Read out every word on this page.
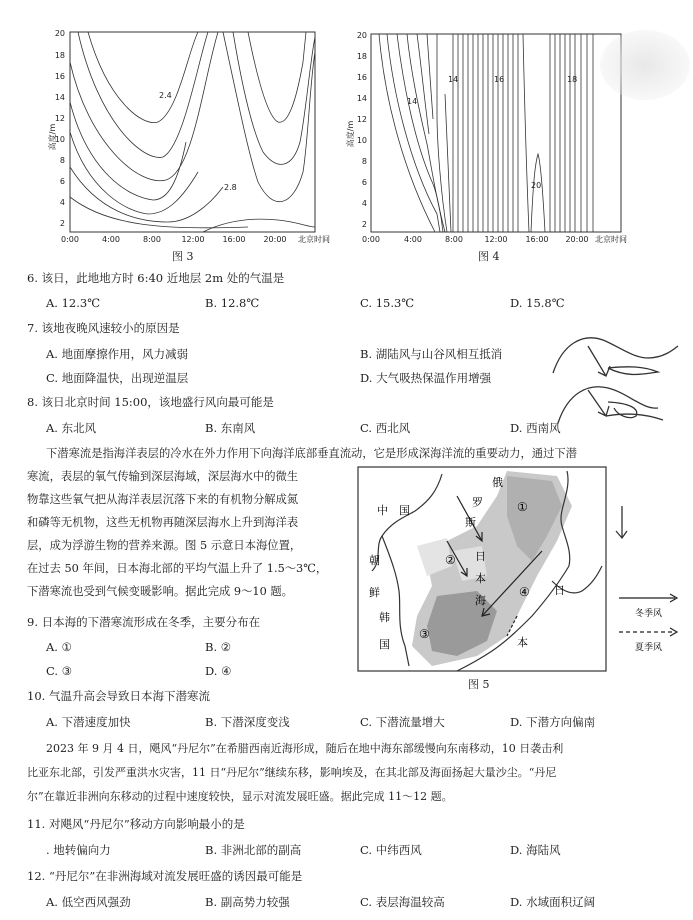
20
18
16
14
12
10
8
6
4
2
高度/m
2.4
2.8
0:00	4:00	8:00	12:00 16:00 20:00 北京时间
图 3
20
18
16
14
12
10
8
6
4
2
高度/m
14
14	16	18
20
0:00	4:00	8:00	12:00 16:00 20:00 北京时间
图 4
6. 该日，此地地方时 6:40 近地层 2m 处的气温是
A. 12.3℃	B. 12.8℃	C. 15.3℃	D. 15.8℃
7. 该地夜晚风速较小的原因是
A. 地面摩擦作用，风力减弱	B. 湖陆风与山谷风相互抵消
C. 地面降温快，出现逆温层	D. 大气吸热保温作用增强
8. 该日北京时间 15:00，该地盛行风向最可能是
A. 东北风	B. 东南风	C. 西北风	D. 西南风
下潜寒流是指海洋表层的冷水在外力作用下向海洋底部垂直流动，它是形成深海洋流的重要动力，通过下潜
寒流，表层的氧气传输到深层海域，深层海水中的微生
物靠这些氧气把从海洋表层沉落下来的有机物分解成氮
和磷等无机物，这些无机物再随深层海水上升到海洋表
层，成为浮游生物的营养来源。图 5 示意日本海位置，
在过去 50 年间，日本海北部的平均气温上升了 1.5～3℃，
下潜寒流也受到气候变暖影响。据此完成 9～10 题。
俄
罗
斯
中 国
朝
鲜
韩
国
日
本
海
日
本
①
②
③
④
图 5
冬季风
夏季风
9. 日本海的下潜寒流形成在冬季，主要分布在
A. ①	B. ②
C. ③	D. ④
10. 气温升高会导致日本海下潜寒流
A. 下潜速度加快	B. 下潜深度变浅	C. 下潜流量增大	D. 下潜方向偏南
2023 年 9 月 4 日，飓风“丹尼尔”在希腊西南近海形成，随后在地中海东部缓慢向东南移动，10 日袭击利
比亚东北部，引发严重洪水灾害，11 日“丹尼尔”继续东移，影响埃及，在其北部及海面扬起大量沙尘。“丹尼
尔”在靠近非洲向东移动的过程中速度较快，显示对流发展旺盛。据此完成 11～12 题。
11. 对飓风“丹尼尔”移动方向影响最小的是
. 地转偏向力	B. 非洲北部的副高	C. 中纬西风	D. 海陆风
12. “丹尼尔”在非洲海域对流发展旺盛的诱因最可能是
A. 低空西风强劲	B. 副高势力较强	C. 表层海温较高	D. 水域面积辽阔
